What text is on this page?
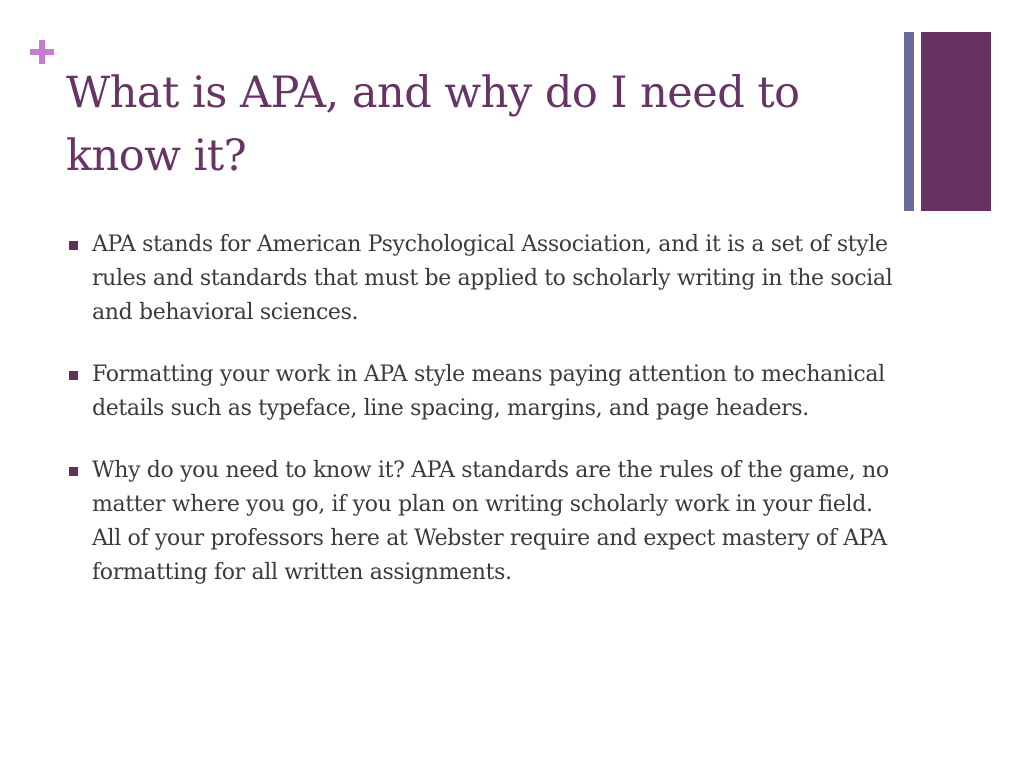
What is APA, and why do I need to know it?
APA stands for American Psychological Association, and it is a set of style rules and standards that must be applied to scholarly writing in the social and behavioral sciences.
Formatting your work in APA style means paying attention to mechanical details such as typeface, line spacing, margins, and page headers.
Why do you need to know it? APA standards are the rules of the game, no matter where you go, if you plan on writing scholarly work in your field. All of your professors here at Webster require and expect mastery of APA formatting for all written assignments.
